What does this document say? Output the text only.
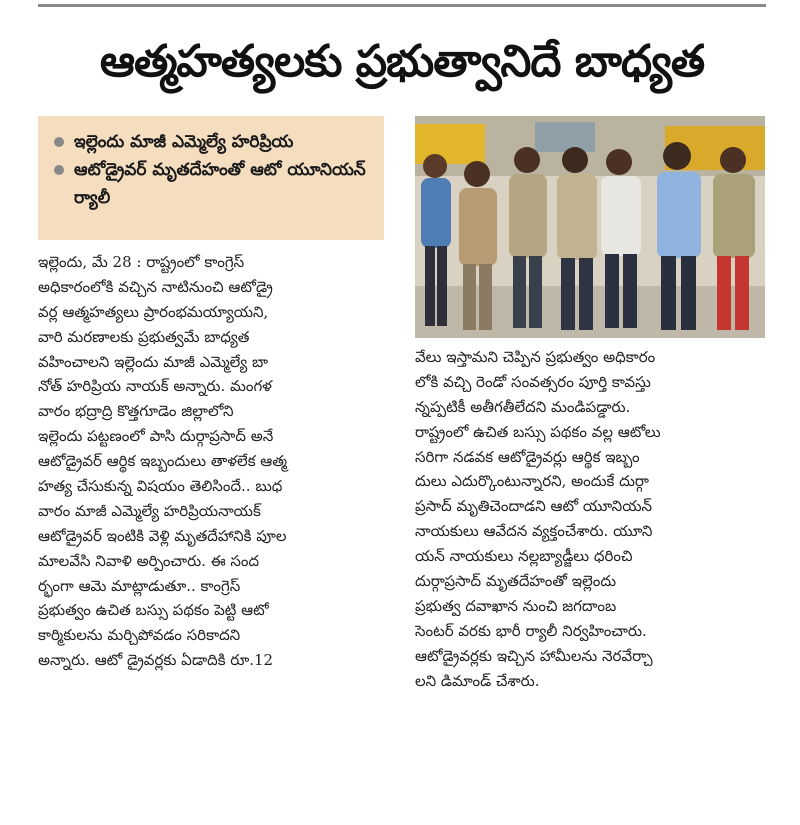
ఆత్మహత్యలకు ప్రభుత్వానిదే బాధ్యత
ఇల్లెందు మాజీ ఎమ్మెల్యే హరిప్రియ
ఆటోడ్రైవర్ మృతదేహంతో ఆటో యూనియన్ ర్యాలీ
ఇల్లెందు, మే 28 : రాష్ట్రంలో కాంగ్రెస్
అధికారంలోకి వచ్చిన నాటినుంచి ఆటోడ్రై
వర్ల ఆత్మహత్యలు ప్రారంభమయ్యాయని,
వారి మరణాలకు ప్రభుత్వమే బాధ్యత
వహించాలని ఇల్లెందు మాజీ ఎమ్మెల్యే బా
నోత్ హరిప్రియ నాయక్ అన్నారు. మంగళ
వారం భద్రాద్రి కొత్తగూడెం జిల్లాలోని
ఇల్లెందు పట్టణంలో పాసి దుర్గాప్రసాద్ అనే
ఆటోడ్రైవర్ ఆర్థిక ఇబ్బందులు తాళలేక ఆత్మ
హత్య చేసుకున్న విషయం తెలిసిందే.. బుధ
వారం మాజీ ఎమ్మెల్యే హరిప్రియనాయక్
ఆటోడ్రైవర్ ఇంటికి వెళ్లి మృతదేహానికి పూల
మాలవేసి నివాళి అర్పించారు. ఈ సంద
ర్భంగా ఆమె మాట్లాడుతూ.. కాంగ్రెస్
ప్రభుత్వం ఉచిత బస్సు పథకం పెట్టి ఆటో
కార్మికులను మర్చిపోవడం సరికాదని
అన్నారు. ఆటో డ్రైవర్లకు ఏడాదికి రూ.12
వేలు ఇస్తామని చెప్పిన ప్రభుత్వం అధికారం
లోకి వచ్చి రెండో సంవత్సరం పూర్తి కావస్తు
న్నప్పటికీ అతీగతీలేదని మండిపడ్డారు.
రాష్ట్రంలో ఉచిత బస్సు పథకం వల్ల ఆటోలు
సరిగా నడవక ఆటోడ్రైవర్లు ఆర్థిక ఇబ్బం
దులు ఎదుర్కొంటున్నారని, అందుకే దుర్గా
ప్రసాద్ మృతిచెందాడని ఆటో యూనియన్
నాయకులు ఆవేదన వ్యక్తంచేశారు. యూని
యన్ నాయకులు నల్లబ్యాడ్జీలు ధరించి
దుర్గాప్రసాద్ మృతదేహంతో ఇల్లెందు
ప్రభుత్వ దవాఖాన నుంచి జగదాంబ
సెంటర్ వరకు భారీ ర్యాలీ నిర్వహించారు.
ఆటోడ్రైవర్లకు ఇచ్చిన హామీలను నెరవేర్చా
లని డిమాండ్ చేశారు.
